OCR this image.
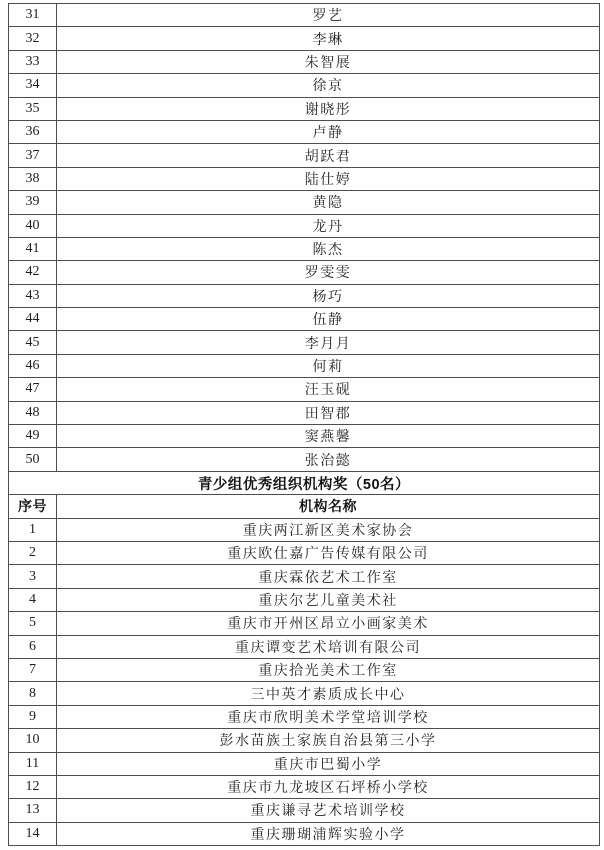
31	罗艺
32	李琳
33	朱智展
34	徐京
35	谢晓彤
36	卢静
37	胡跃君
38	陆仕婷
39	黄隐
40	龙丹
41	陈杰
42	罗雯雯
43	杨巧
44	伍静
45	李月月
46	何莉
47	汪玉砚
48	田智郡
49	窦燕馨
50	张治懿
青少组优秀组织机构奖（50名）	
序号	机构名称
1	重庆两江新区美术家协会
2	重庆欧仕嘉广告传媒有限公司
3	重庆霖依艺术工作室
4	重庆尔艺儿童美术社
5	重庆市开州区昂立小画家美术
6	重庆谭变艺术培训有限公司
7	重庆拾光美术工作室
8	三中英才素质成长中心
9	重庆市欣明美术学堂培训学校
10	彭水苗族土家族自治县第三小学
11	重庆市巴蜀小学
12	重庆市九龙坡区石坪桥小学校
13	重庆谦寻艺术培训学校
14	重庆珊瑚浦辉实验小学
